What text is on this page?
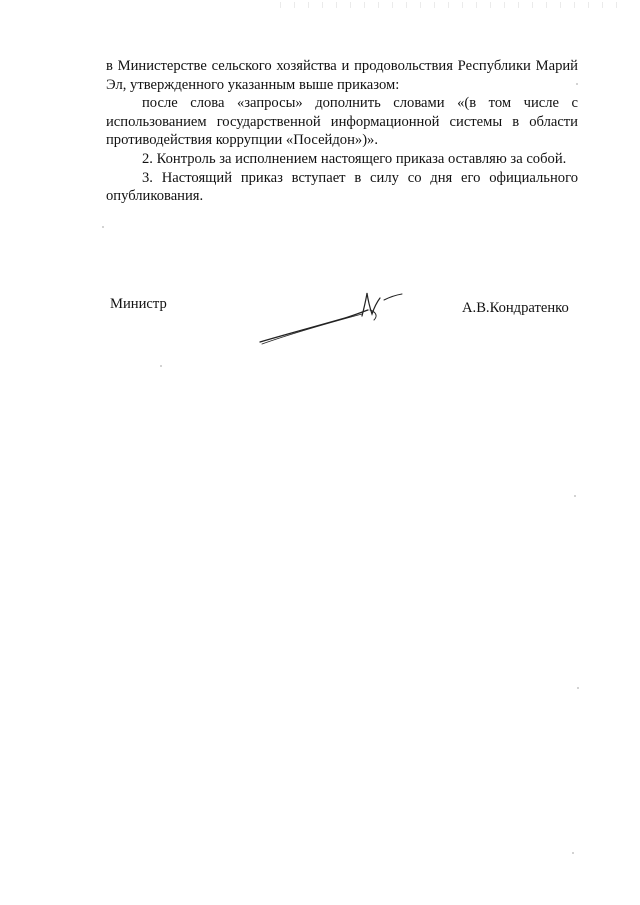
в Министерстве сельского хозяйства и продовольствия Республики Марий Эл, утвержденного указанным выше приказом:

после слова «запросы» дополнить словами «(в том числе с использованием государственной информационной системы в области противодействия коррупции «Посейдон»)».

2. Контроль за исполнением настоящего приказа оставляю за собой.

3. Настоящий приказ вступает в силу со дня его официального опубликования.

Министр	А.В.Кондратенко
